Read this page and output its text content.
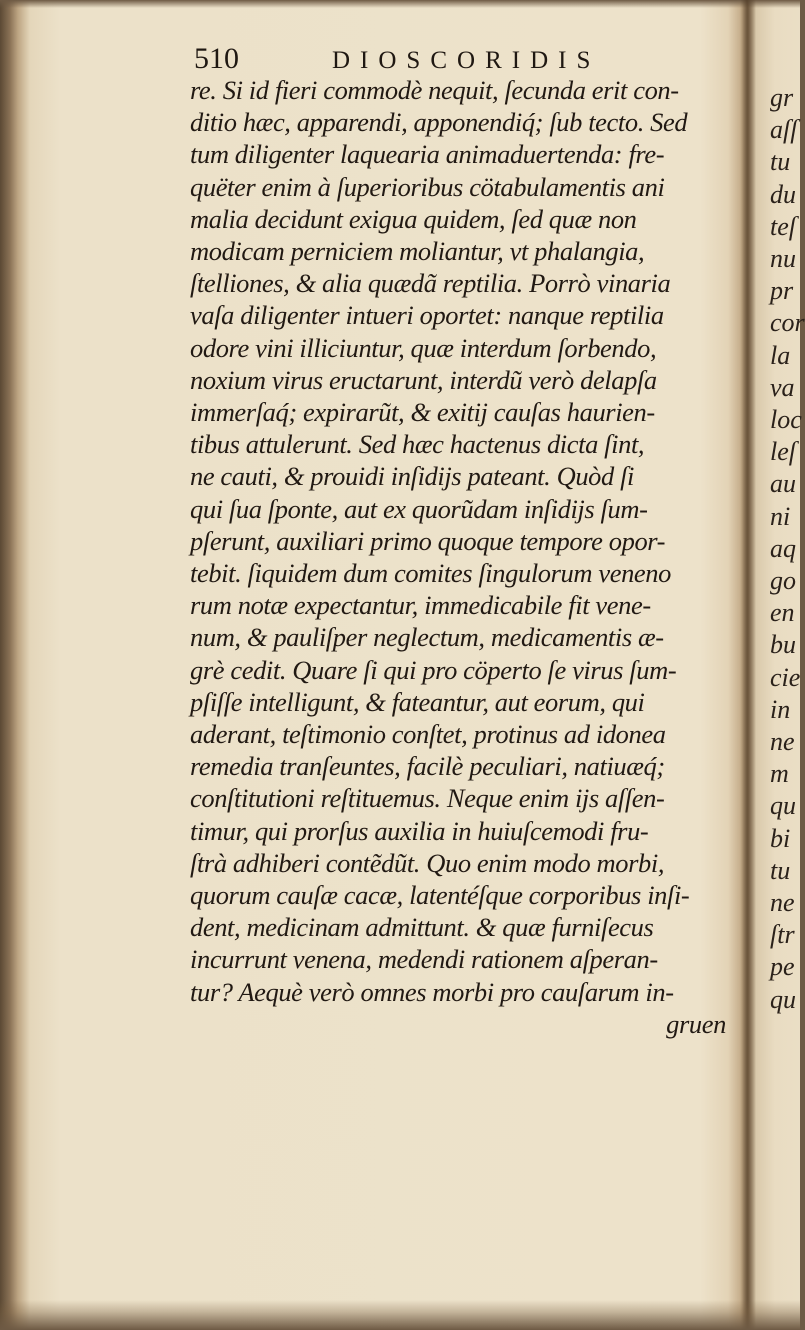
510	DIOSCORIDIS
re. Si id fieri commodè nequit, ſecunda erit con-
ditio hæc, apparendi, apponendiq́; ſub tecto. Sed
tum diligenter laquearia animaduertenda: fre-
quëter enim à ſuperioribus cötabulamentis ani
malia decidunt exigua quidem, ſed quæ non
modicam perniciem moliantur, vt phalangia,
ſtelliones, & alia quædã reptilia. Porrò vinaria
vaſa diligenter intueri oportet: nanque reptilia
odore vini illiciuntur, quæ interdum ſorbendo,
noxium virus eructarunt, interdũ verò delapſa
immerſaq́; expirarũt, & exitij cauſas haurien-
tibus attulerunt. Sed hæc hactenus dicta ſint,
ne cauti, & prouidi inſidijs pateant. Quòd ſi
qui ſua ſponte, aut ex quorũdam inſidijs ſum-
pſerunt, auxiliari primo quoque tempore opor-
tebit. ſiquidem dum comites ſingulorum veneno
rum notæ expectantur, immedicabile fit vene-
num, & pauliſper neglectum, medicamentis æ-
grè cedit. Quare ſi qui pro cöperto ſe virus ſum-
pſiſſe intelligunt, & fateantur, aut eorum, qui
aderant, teſtimonio conſtet, protinus ad idonea
remedia tranſeuntes, facilè peculiari, natiuæq́;
conſtitutioni reſtituemus. Neque enim ijs aſſen-
timur, qui prorſus auxilia in huiuſcemodi fru-
ſtrà adhiberi contẽdũt. Quo enim modo morbi,
quorum cauſæ cacæ, latentéſque corporibus inſi-
dent, medicinam admittunt. & quæ furniſecus
incurrunt venena, medendi rationem aſperan-
tur? Aequè verò omnes morbi pro cauſarum in-
gruen
gr
aſſ
tu
du
teſ
nu
pr
cor
la
va
loc
leſ
au
ni
aq
go
en
bu
cie
in
ne
m
qu
bi
tu
ne
ſtr
pe
qu
